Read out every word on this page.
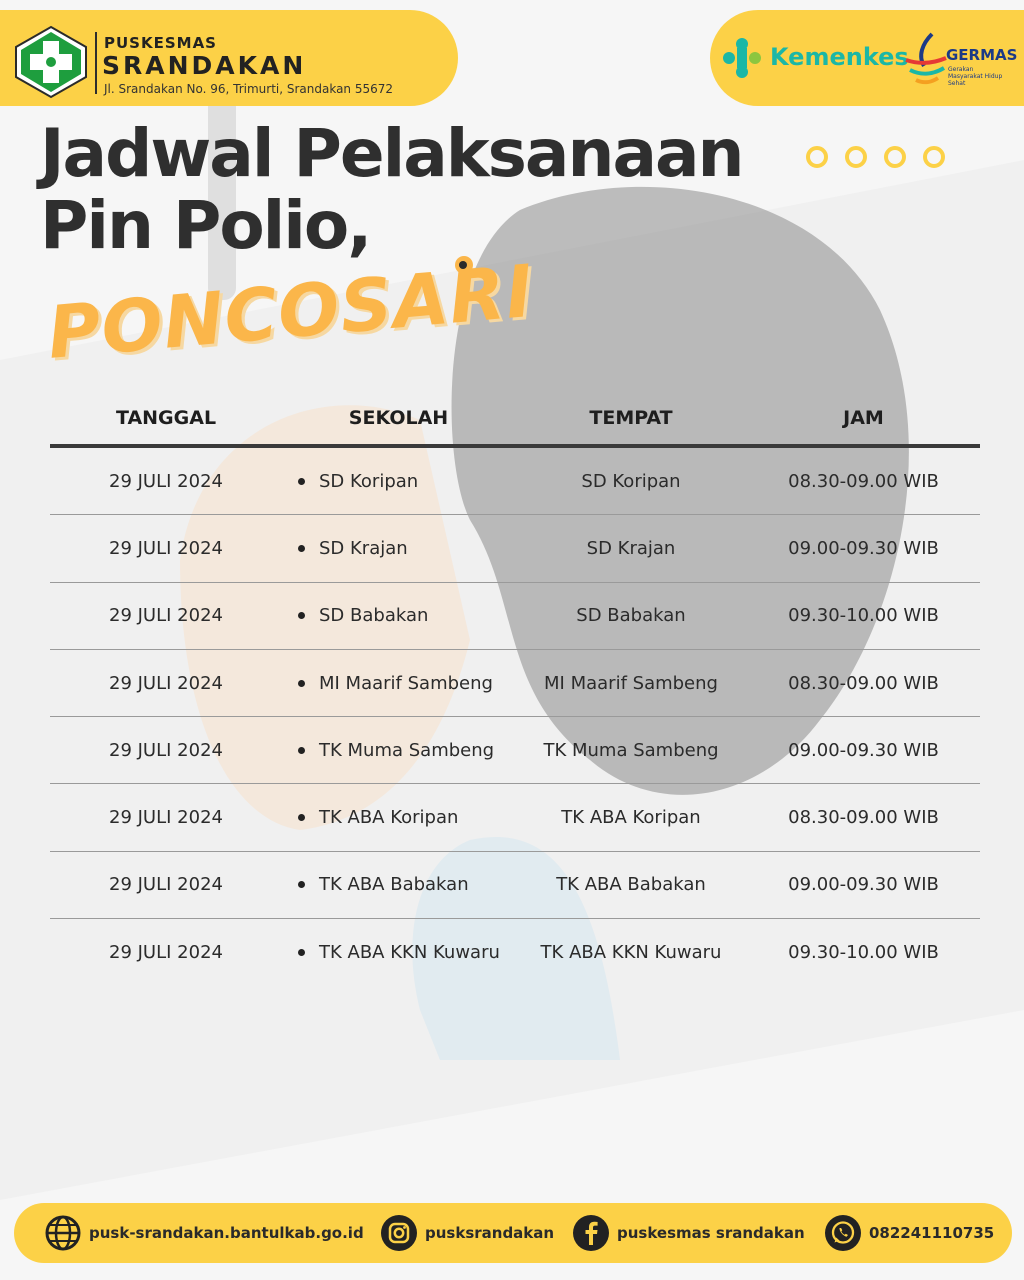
PUSKESMAS
SRANDAKAN
Jl. Srandakan No. 96, Trimurti, Srandakan 55672
Kemenkes GERMAS
Gerakan Masyarakat Hidup Sehat
Jadwal Pelaksanaan
Pin Polio,
PONCOSARI
TANGGAL	SEKOLAH	TEMPAT	JAM
29 JULI 2024	SD Koripan	SD Koripan	08.30-09.00 WIB
29 JULI 2024	SD Krajan	SD Krajan	09.00-09.30 WIB
29 JULI 2024	SD Babakan	SD Babakan	09.30-10.00 WIB
29 JULI 2024	MI Maarif Sambeng	MI Maarif Sambeng	08.30-09.00 WIB
29 JULI 2024	TK Muma Sambeng	TK Muma Sambeng	09.00-09.30 WIB
29 JULI 2024	TK ABA Koripan	TK ABA Koripan	08.30-09.00 WIB
29 JULI 2024	TK ABA Babakan	TK ABA Babakan	09.00-09.30 WIB
29 JULI 2024	TK ABA KKN Kuwaru	TK ABA KKN Kuwaru	09.30-10.00 WIB
pusk-srandakan.bantulkab.go.id	pusksrandakan	puskesmas srandakan	082241110735
